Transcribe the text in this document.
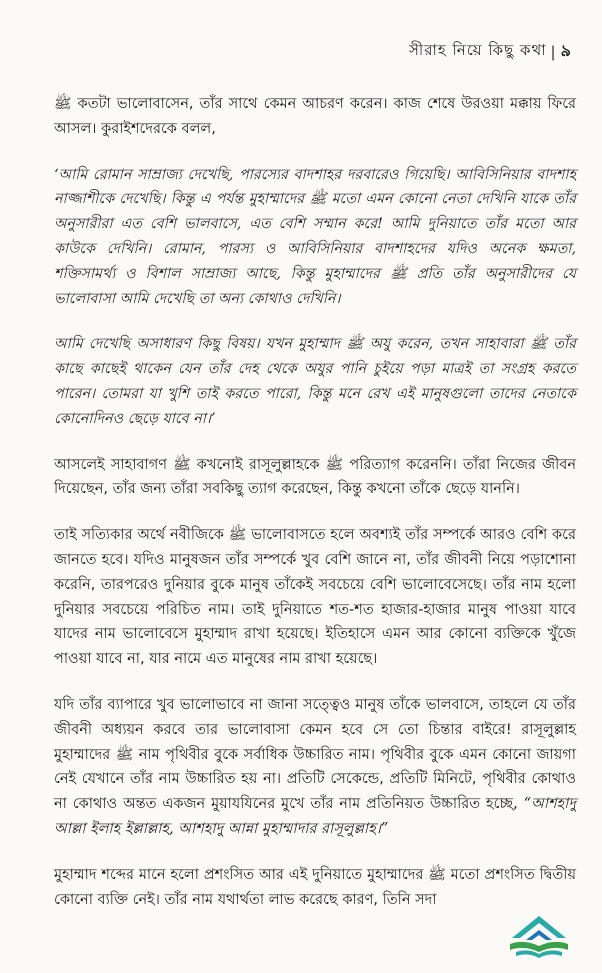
সীরাহ নিয়ে কিছু কথা | ৯

ﷺ কতটা ভালোবাসেন, তাঁর সাথে কেমন আচরণ করেন। কাজ শেষে উরওয়া মক্কায় ফিরে আসল। কুরাইশদেরকে বলল,

‘আমি রোমান সাম্রাজ্য দেখেছি, পারস্যের বাদশাহর দরবারেও গিয়েছি। আবিসিনিয়ার বাদশাহ নাজ্জাশীকে দেখেছি। কিন্তু এ পর্যন্ত মুহাম্মাদের ﷺ মতো এমন কোনো নেতা দেখিনি যাকে তাঁর অনুসারীরা এত বেশি ভালবাসে, এত বেশি সম্মান করে! আমি দুনিয়াতে তাঁর মতো আর কাউকে দেখিনি। রোমান, পারস্য ও আবিসিনিয়ার বাদশাহদের যদিও অনেক ক্ষমতা, শক্তিসামর্থ্য ও বিশাল সাম্রাজ্য আছে, কিন্তু মুহাম্মাদের ﷺ প্রতি তাঁর অনুসারীদের যে ভালোবাসা আমি দেখেছি তা অন্য কোথাও দেখিনি।

আমি দেখেছি অসাধারণ কিছু বিষয়। যখন মুহাম্মাদ ﷺ অযু করেন, তখন সাহাবারা ﷺ তাঁর কাছে কাছেই থাকেন যেন তাঁর দেহ থেকে অযুর পানি চুইয়ে পড়া মাত্রই তা সংগ্রহ করতে পারেন। তোমরা যা খুশি তাই করতে পারো, কিন্তু মনে রেখ এই মানুষগুলো তাদের নেতাকে কোনোদিনও ছেড়ে যাবে না।’

আসলেই সাহাবাগণ ﷺ কখনোই রাসূলুল্লাহকে ﷺ পরিত্যাগ করেননি। তাঁরা নিজের জীবন দিয়েছেন, তাঁর জন্য তাঁরা সবকিছু ত্যাগ করেছেন, কিন্তু কখনো তাঁকে ছেড়ে যাননি।

তাই সত্যিকার অর্থে নবীজিকে ﷺ ভালোবাসতে হলে অবশ্যই তাঁর সম্পর্কে আরও বেশি করে জানতে হবে। যদিও মানুষজন তাঁর সম্পর্কে খুব বেশি জানে না, তাঁর জীবনী নিয়ে পড়াশোনা করেনি, তারপরেও দুনিয়ার বুকে মানুষ তাঁকেই সবচেয়ে বেশি ভালোবেসেছে। তাঁর নাম হলো দুনিয়ার সবচেয়ে পরিচিত নাম। তাই দুনিয়াতে শত-শত হাজার-হাজার মানুষ পাওয়া যাবে যাদের নাম ভালোবেসে মুহাম্মাদ রাখা হয়েছে। ইতিহাসে এমন আর কোনো ব্যক্তিকে খুঁজে পাওয়া যাবে না, যার নামে এত মানুষের নাম রাখা হয়েছে।

যদি তাঁর ব্যাপারে খুব ভালোভাবে না জানা সত্ত্বেও মানুষ তাঁকে ভালবাসে, তাহলে যে তাঁর জীবনী অধ্যয়ন করবে তার ভালোবাসা কেমন হবে সে তো চিন্তার বাইরে! রাসূলুল্লাহ মুহাম্মাদের ﷺ নাম পৃথিবীর বুকে সর্বাধিক উচ্চারিত নাম। পৃথিবীর বুকে এমন কোনো জায়গা নেই যেখানে তাঁর নাম উচ্চারিত হয় না। প্রতিটি সেকেন্ডে, প্রতিটি মিনিটে, পৃথিবীর কোথাও না কোথাও অন্তত একজন মুয়াযযিনের মুখে তাঁর নাম প্রতিনিয়ত উচ্চারিত হচ্ছে, “আশহাদু আল্লা ইলাহ ইল্লাল্লাহ, আশহাদু আন্না মুহাম্মাদার রাসূলুল্লাহ।”

মুহাম্মাদ শব্দের মানে হলো প্রশংসিত আর এই দুনিয়াতে মুহাম্মাদের ﷺ মতো প্রশংসিত দ্বিতীয় কোনো ব্যক্তি নেই। তাঁর নাম যথার্থতা লাভ করেছে কারণ, তিনি সদা
